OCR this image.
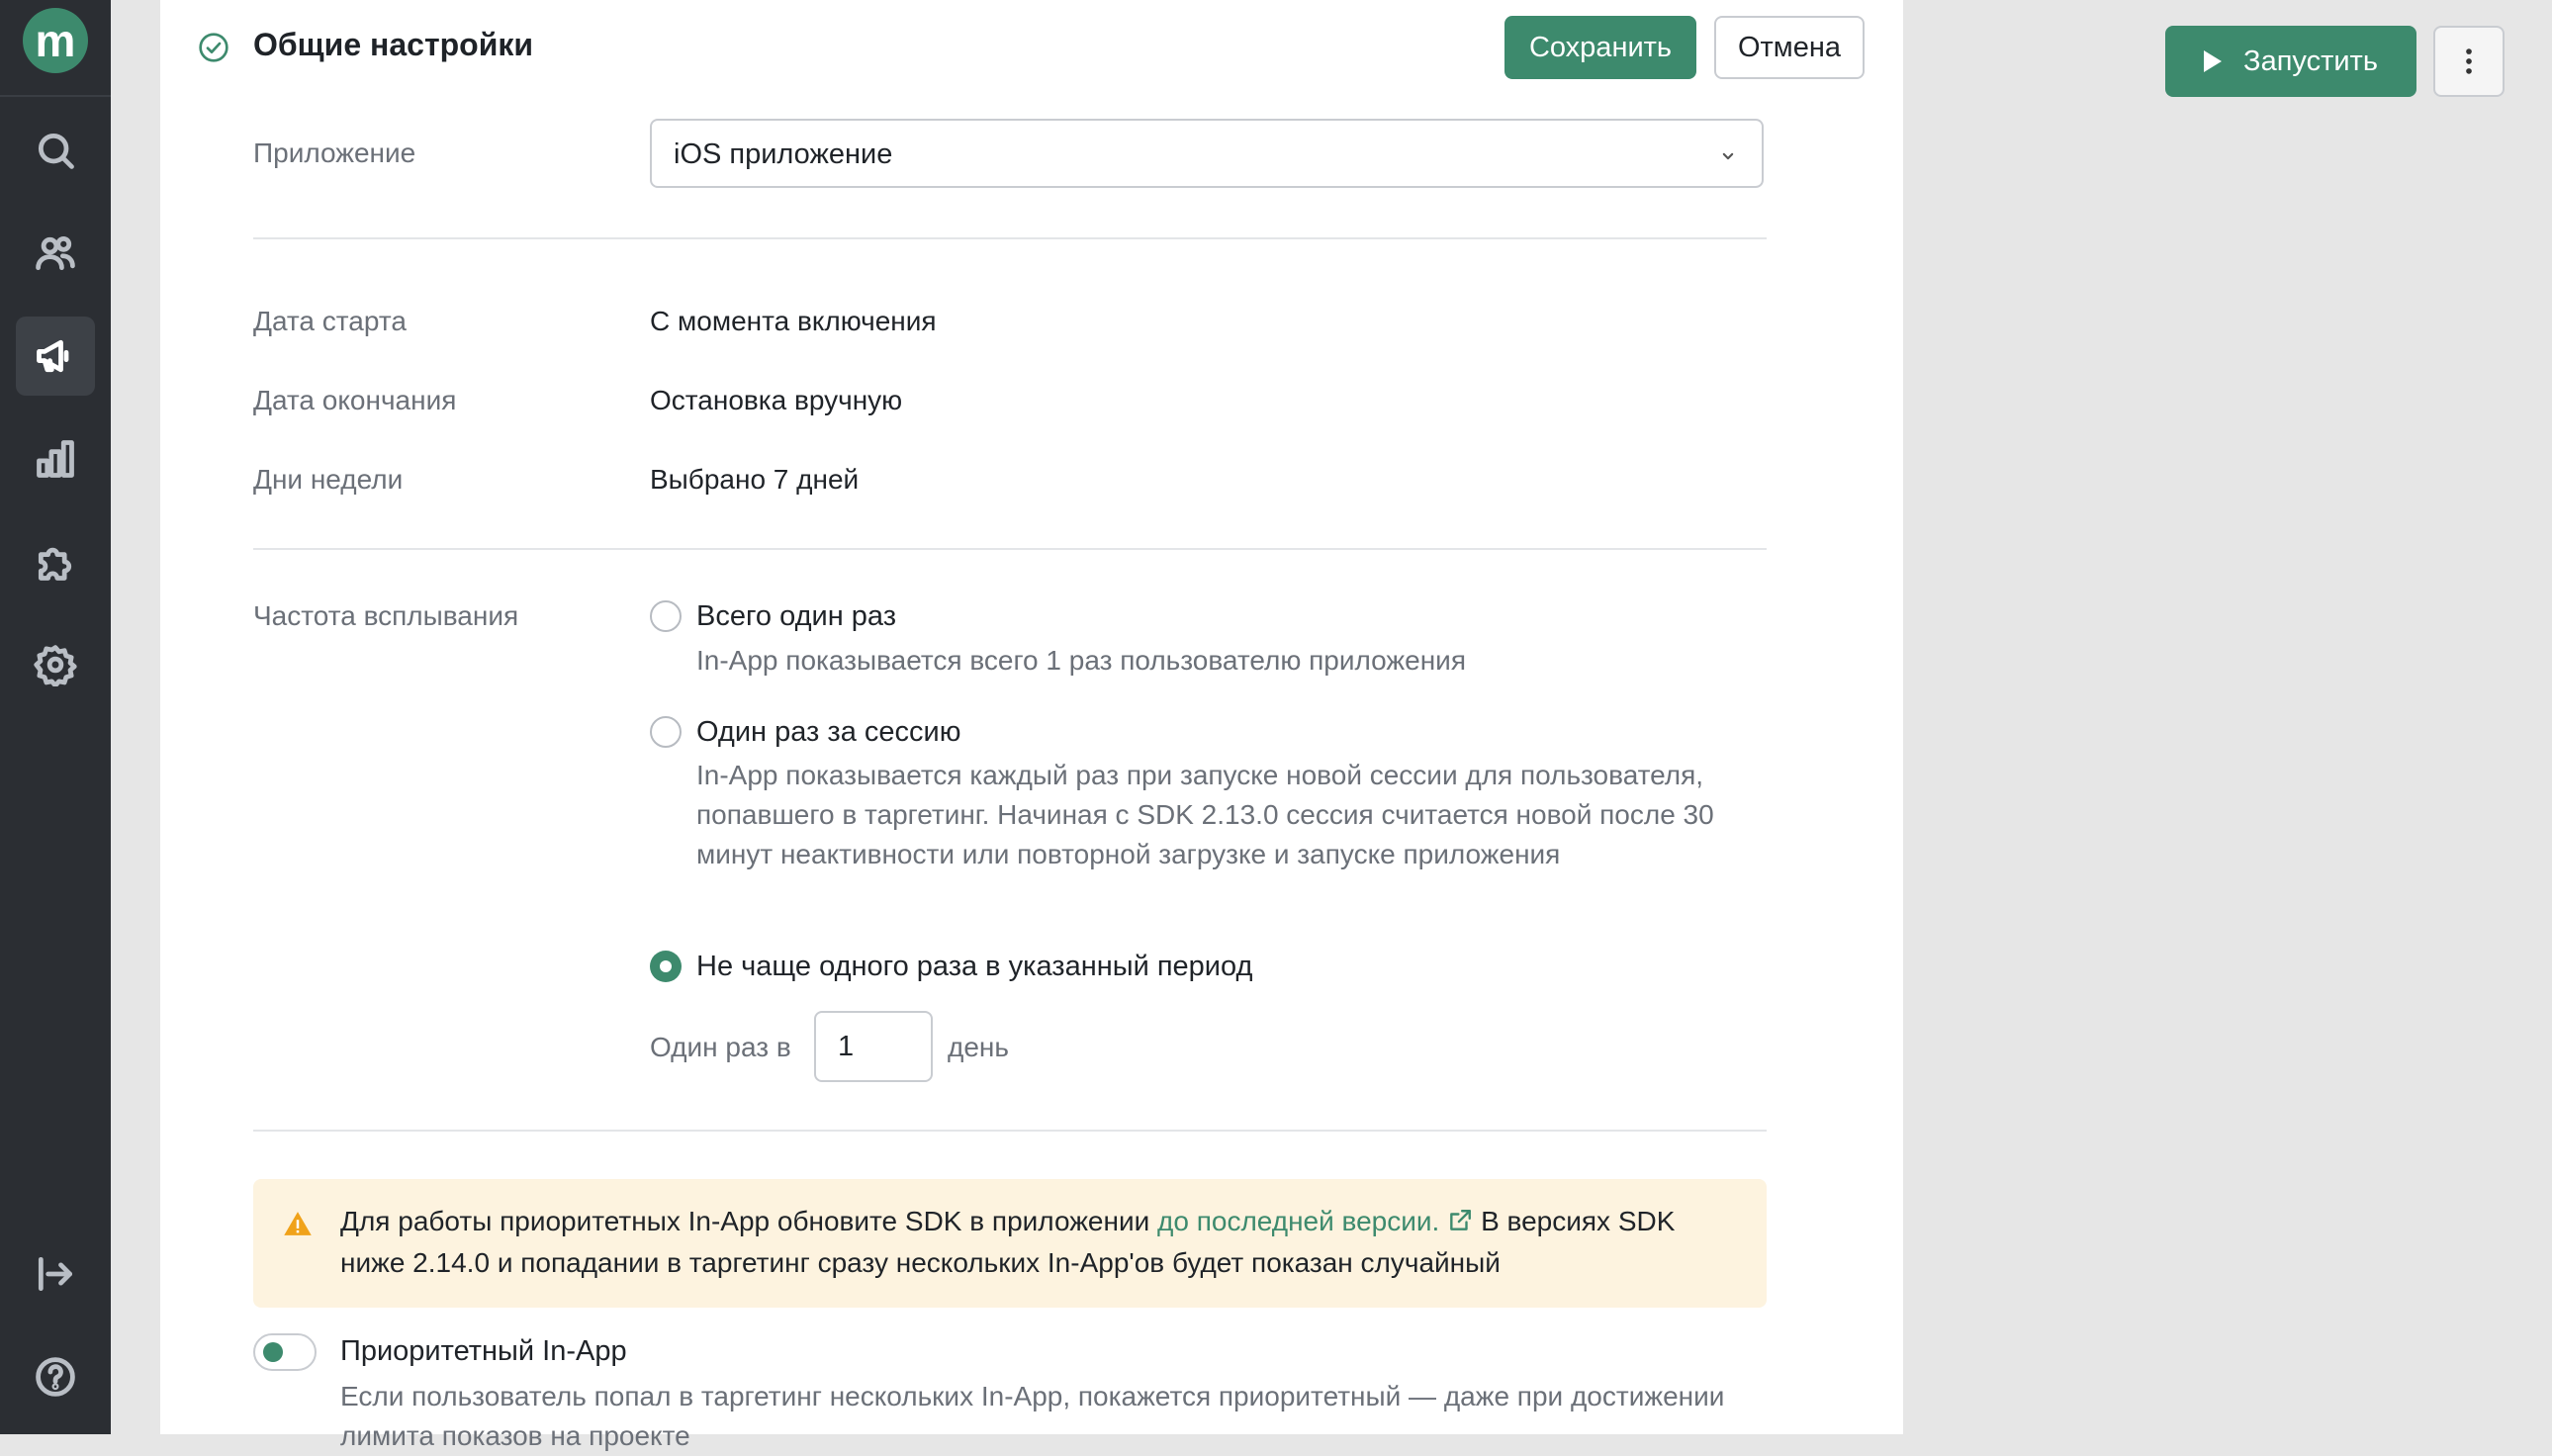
m	Общие настройки	Сохранить	Отмена
Приложение	iOS приложение
Дата старта	С момента включения
Дата окончания	Остановка вручную
Дни недели	Выбрано 7 дней
Частота всплывания	Всего один раз
In-App показывается всего 1 раз пользователю приложения
Один раз за сессию
In-App показывается каждый раз при запуске новой сессии для пользователя, попавшего в таргетинг. Начиная с SDK 2.13.0 сессия считается новой после 30 минут неактивности или повторной загрузке и запуске приложения
Не чаще одного раза в указанный период
Один раз в
1	день
Для работы приоритетных In-App обновите SDK в приложении до последней версии. В версиях SDK ниже 2.14.0 и попадании в таргетинг сразу нескольких In-App'ов будет показан случайный
Приоритетный In-App
Если пользователь попал в таргетинг нескольких In-App, покажется приоритетный — даже при достижении лимита показов на проекте
Запустить
